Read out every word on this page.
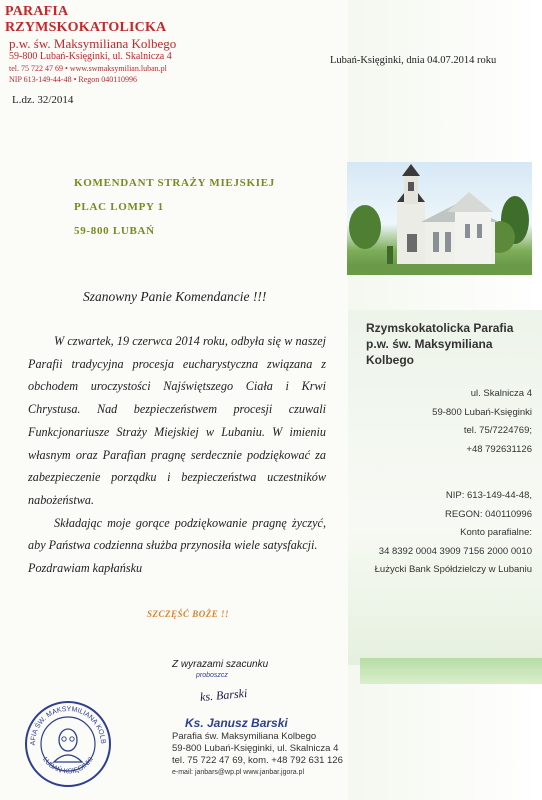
PARAFIA RZYMSKOKATOLICKA
p.w. św. Maksymiliana Kolbego
59-800 Lubań-Księginki, ul. Skalnicza 4
tel. 75 722 47 69 • www.swmaksymilian.luban.pl
NIP 613-149-44-48 • Regon 040110996
Lubań-Księginki, dnia 04.07.2014 roku
L.dz. 32/2014
KOMENDANT STRAŻY MIEJSKIEJ
PLAC LOMPY 1
59-800 LUBAŃ
Szanowny Panie Komendancie !!!

W czwartek, 19 czerwca 2014 roku, odbyła się w naszej Parafii tradycyjna procesja eucharystyczna związana z obchodem uroczystości Najświętszego Ciała i Krwi Chrystusa. Nad bezpieczeństwem procesji czuwali Funkcjonariusze Straży Miejskiej w Lubaniu. W imieniu własnym oraz Parafian pragnę serdecznie podziękować za zabezpieczenie porządku i bezpieczeństwa uczestników nabożeństwa.

Składając moje gorące podziękowanie pragnę życzyć, aby Państwa codzienna służba przynosiła wiele satysfakcji.

Pozdrawiam kapłańsku

SZCZĘŚĆ BOŻE !!
Z wyrazami szacunku
proboszcz
ks. Barski
Ks. Janusz Barski
Parafia św. Maksymiliana Kolbego
59-800 Lubań-Księginki, ul. Skalnicza 4
tel. 75 722 47 69, kom. +48 792 631 126
e-mail: janbars@wp.pl www.janbar.jgora.pl
AFIA ŚW. MAKSYMILIANA KOLB
LUBAŃ-KSIĘGINKI
Rzymskokatolicka Parafia
p.w. św. Maksymiliana
Kolbego
ul. Skalnicza 4
59-800 Lubań-Księginki
tel. 75/7224769;
+48 792631126
NIP: 613-149-44-48,
REGON: 040110996
Konto parafialne:
34 8392 0004 3909 7156 2000 0010
Łużycki Bank Spółdzielczy w Lubaniu
